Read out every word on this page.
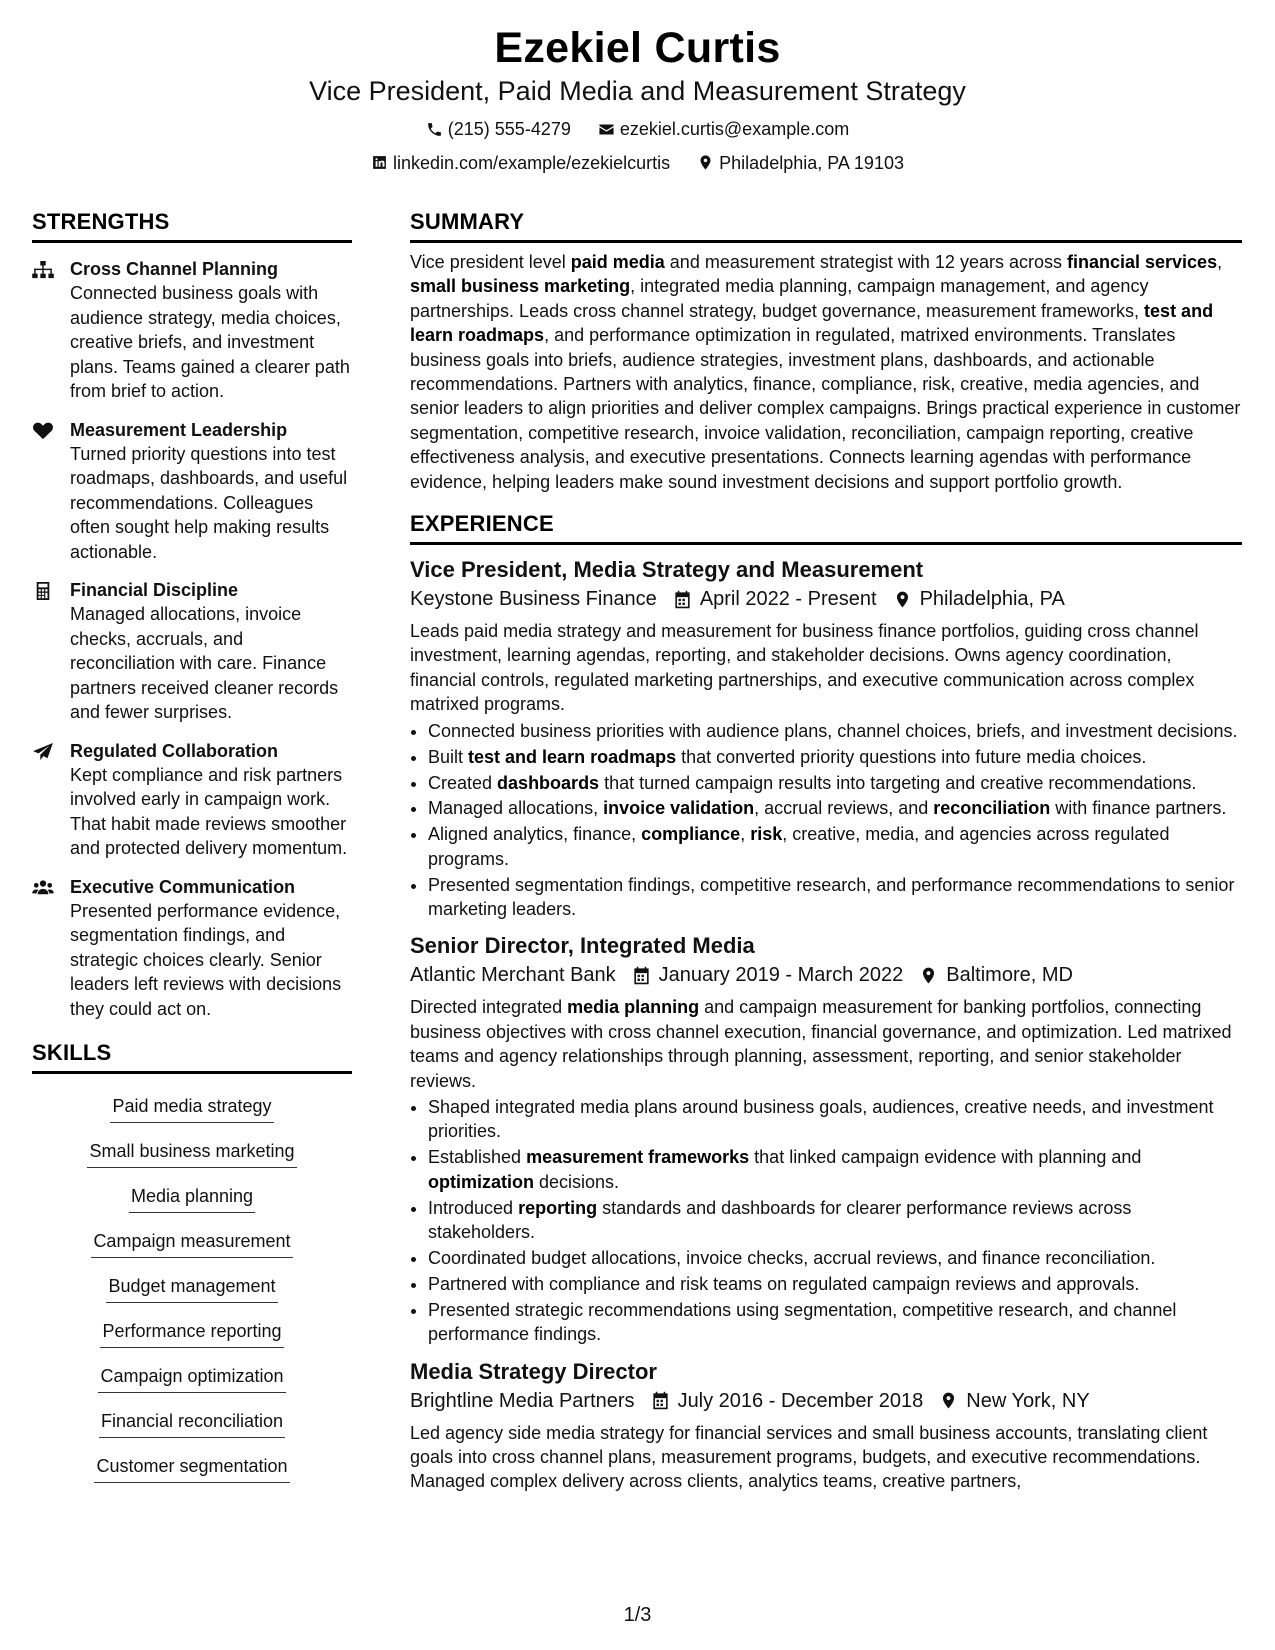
Ezekiel Curtis
Vice President, Paid Media and Measurement Strategy
(215) 555-4279
	ezekiel.curtis@example.com
linkedin.com/example/ezekielcurtis
	Philadelphia, PA 19103
STRENGTHS
Cross Channel Planning
Connected business goals with audience strategy, media choices, creative briefs, and investment plans. Teams gained a clearer path from brief to action.
Measurement Leadership
Turned priority questions into test roadmaps, dashboards, and useful recommendations. Colleagues often sought help making results actionable.
Financial Discipline
Managed allocations, invoice checks, accruals, and reconciliation with care. Finance partners received cleaner records and fewer surprises.
Regulated Collaboration
Kept compliance and risk partners involved early in campaign work. That habit made reviews smoother and protected delivery momentum.
Executive Communication
Presented performance evidence, segmentation findings, and strategic choices clearly. Senior leaders left reviews with decisions they could act on.
SKILLS
Paid media strategy
Small business marketing
Media planning
Campaign measurement
Budget management
Performance reporting
Campaign optimization
Financial reconciliation
Customer segmentation
SUMMARY
Vice president level paid media and measurement strategist with 12 years across financial services, small business marketing, integrated media planning, campaign management, and agency partnerships. Leads cross channel strategy, budget governance, measurement frameworks, test and learn roadmaps, and performance optimization in regulated, matrixed environments. Translates business goals into briefs, audience strategies, investment plans, dashboards, and actionable recommendations. Partners with analytics, finance, compliance, risk, creative, media agencies, and senior leaders to align priorities and deliver complex campaigns. Brings practical experience in customer segmentation, competitive research, invoice validation, reconciliation, campaign reporting, creative effectiveness analysis, and executive presentations. Connects learning agendas with performance evidence, helping leaders make sound investment decisions and support portfolio growth.
EXPERIENCE
Vice President, Media Strategy and Measurement
Keystone Business Finance April 2022 - Present Philadelphia, PA
Leads paid media strategy and measurement for business finance portfolios, guiding cross channel investment, learning agendas, reporting, and stakeholder decisions. Owns agency coordination, financial controls, regulated marketing partnerships, and executive communication across complex matrixed programs.
• Connected business priorities with audience plans, channel choices, briefs, and investment decisions.
• Built test and learn roadmaps that converted priority questions into future media choices.
• Created dashboards that turned campaign results into targeting and creative recommendations.
• Managed allocations, invoice validation, accrual reviews, and reconciliation with finance partners.
• Aligned analytics, finance, compliance, risk, creative, media, and agencies across regulated programs.
• Presented segmentation findings, competitive research, and performance recommendations to senior marketing leaders.
Senior Director, Integrated Media
Atlantic Merchant Bank January 2019 - March 2022 Baltimore, MD
Directed integrated media planning and campaign measurement for banking portfolios, connecting business objectives with cross channel execution, financial governance, and optimization. Led matrixed teams and agency relationships through planning, assessment, reporting, and senior stakeholder reviews.
• Shaped integrated media plans around business goals, audiences, creative needs, and investment priorities.
• Established measurement frameworks that linked campaign evidence with planning and optimization decisions.
• Introduced reporting standards and dashboards for clearer performance reviews across stakeholders.
• Coordinated budget allocations, invoice checks, accrual reviews, and finance reconciliation.
• Partnered with compliance and risk teams on regulated campaign reviews and approvals.
• Presented strategic recommendations using segmentation, competitive research, and channel performance findings.
Media Strategy Director
Brightline Media Partners July 2016 - December 2018 New York, NY
Led agency side media strategy for financial services and small business accounts, translating client goals into cross channel plans, measurement programs, budgets, and executive recommendations. Managed complex delivery across clients, analytics teams, creative partners,
1/3
